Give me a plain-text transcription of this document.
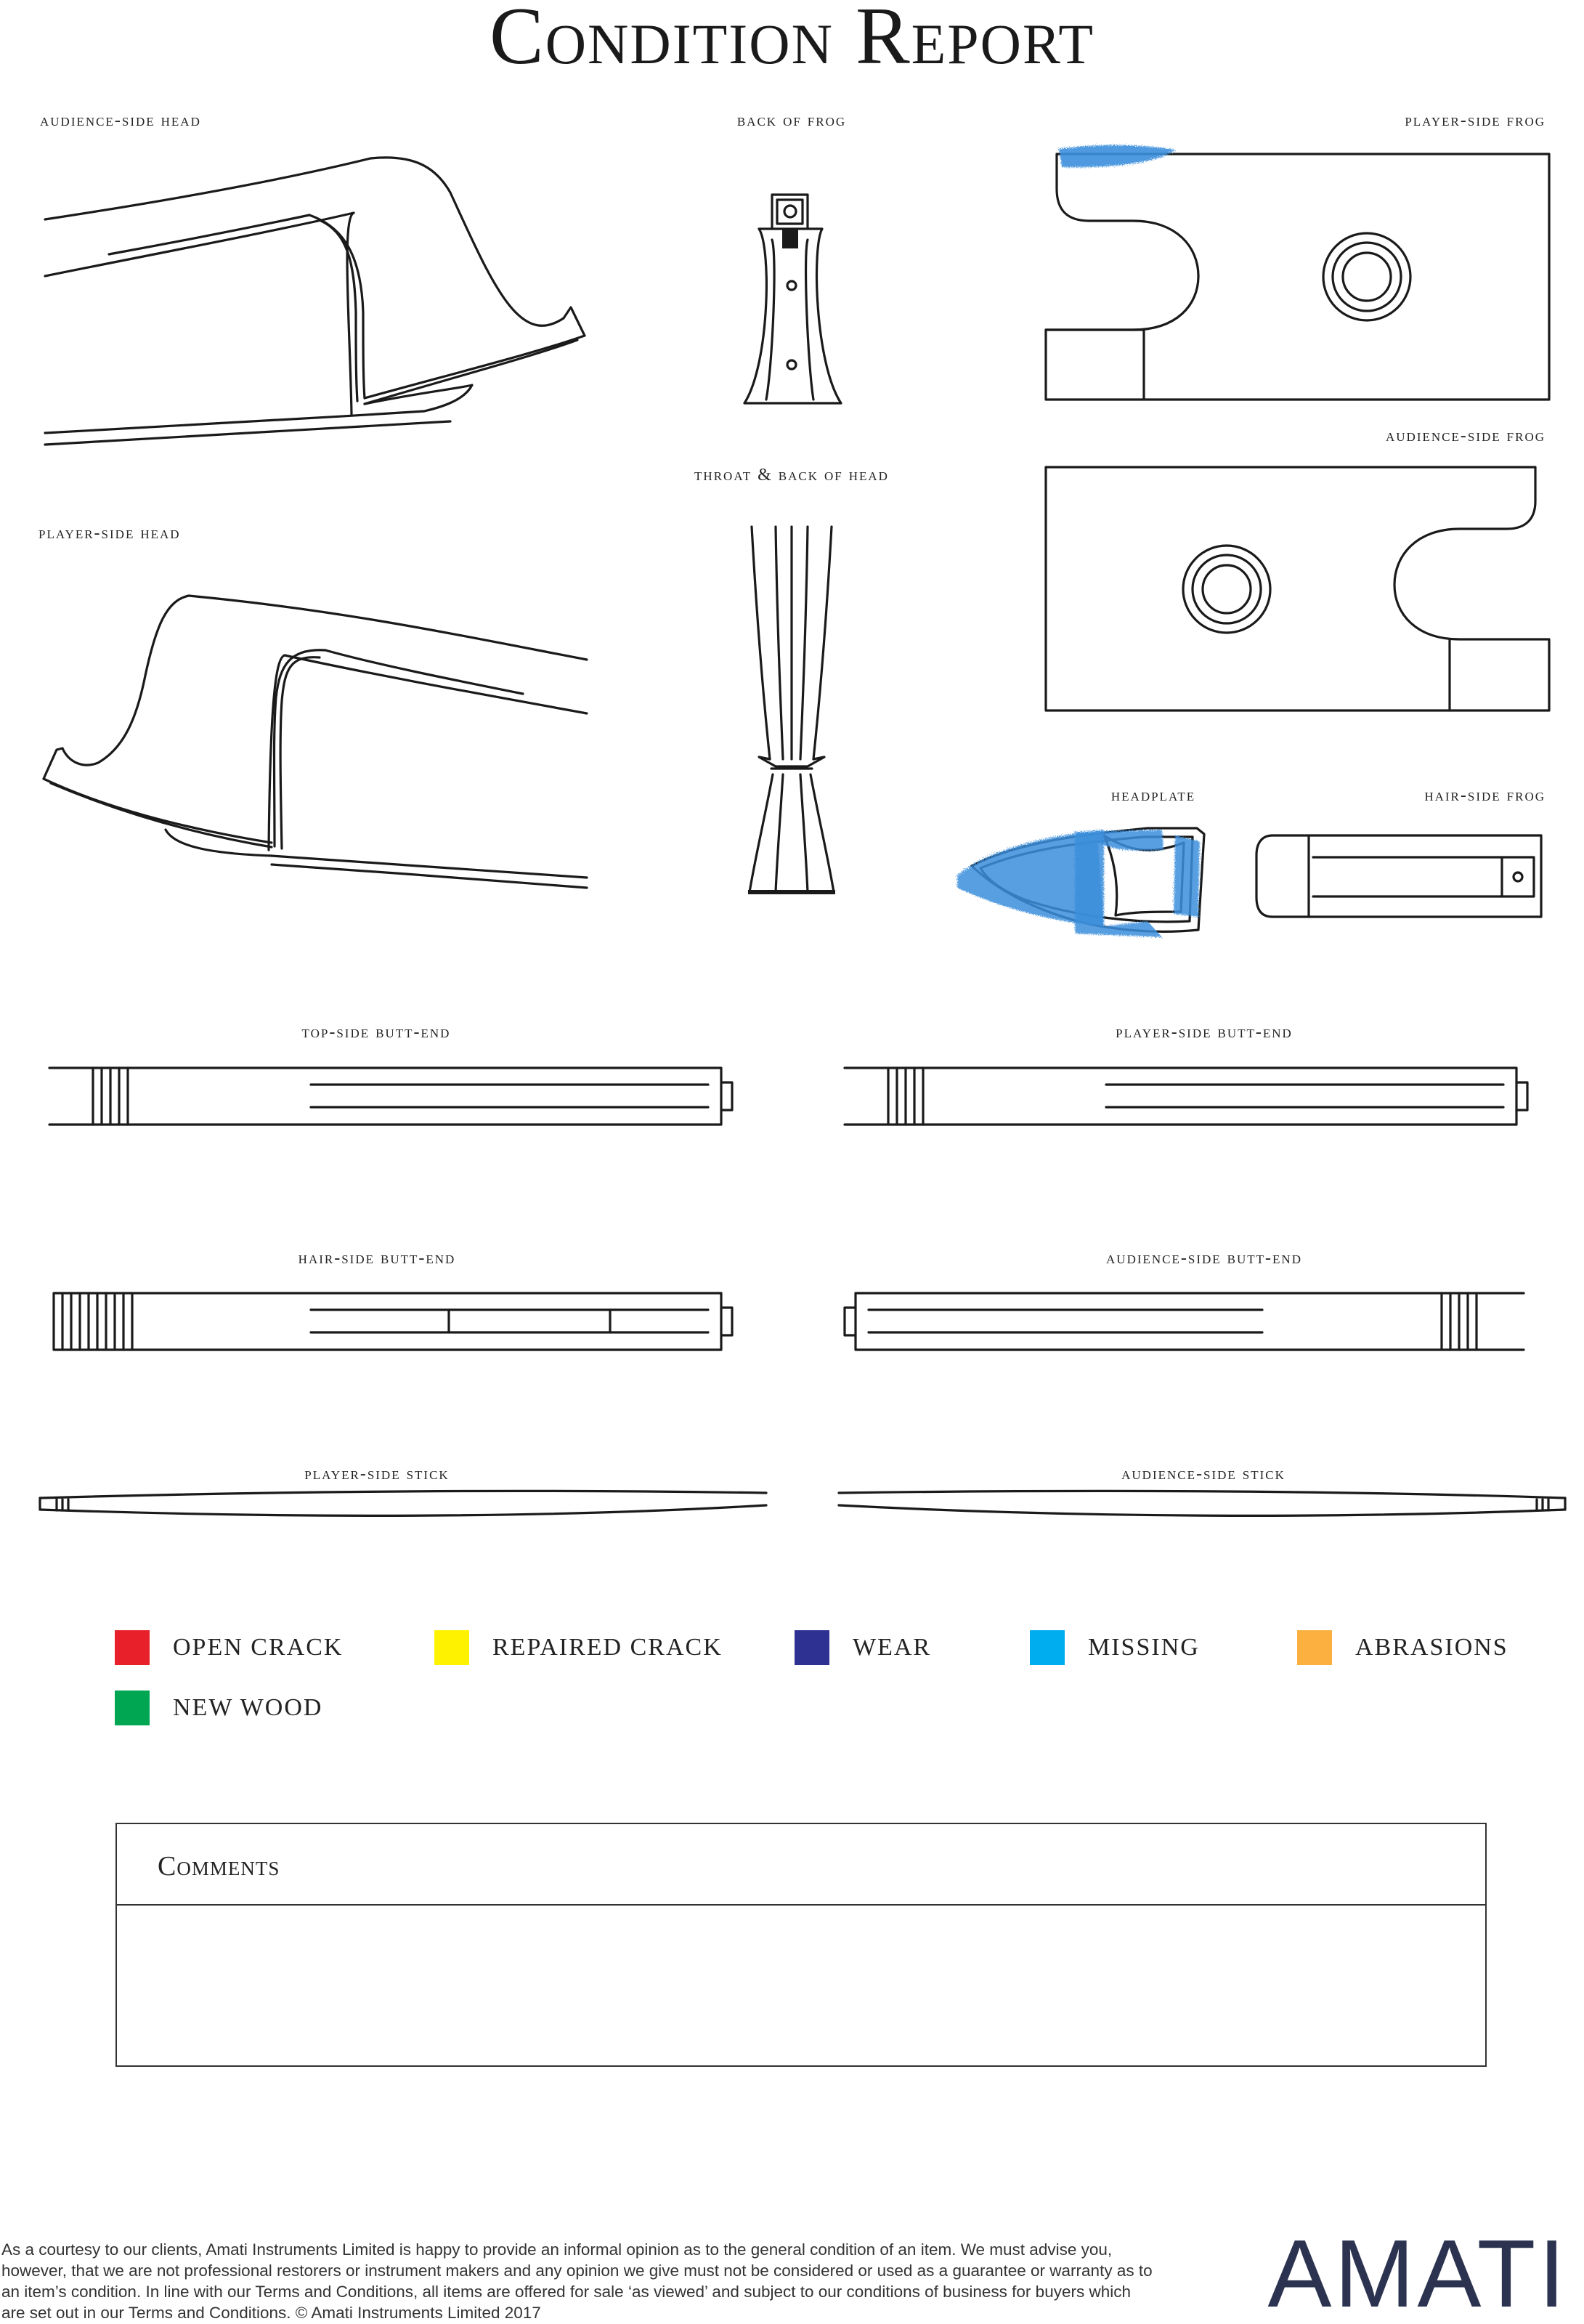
Condition Report
audience-side head	back of frog	player-side frog
audience-side frog
throat & back of head
player-side head
headplate	hair-side frog
top-side butt-end	player-side butt-end
hair-side butt-end	audience-side butt-end
player-side stick	audience-side stick
OPEN CRACK	REPAIRED CRACK	WEAR	MISSING	ABRASIONS
NEW WOOD
Comments
As a courtesy to our clients, Amati Instruments Limited is happy to provide an informal opinion as to the general condition of an item. We must advise you, however, that we are not professional restorers or instrument makers and any opinion we give must not be considered or used as a guarantee or warranty as to an item’s condition. In line with our Terms and Conditions, all items are offered for sale ‘as viewed’ and subject to our conditions of business for buyers which are set out in our Terms and Conditions. © Amati Instruments Limited 2017	AMATI
